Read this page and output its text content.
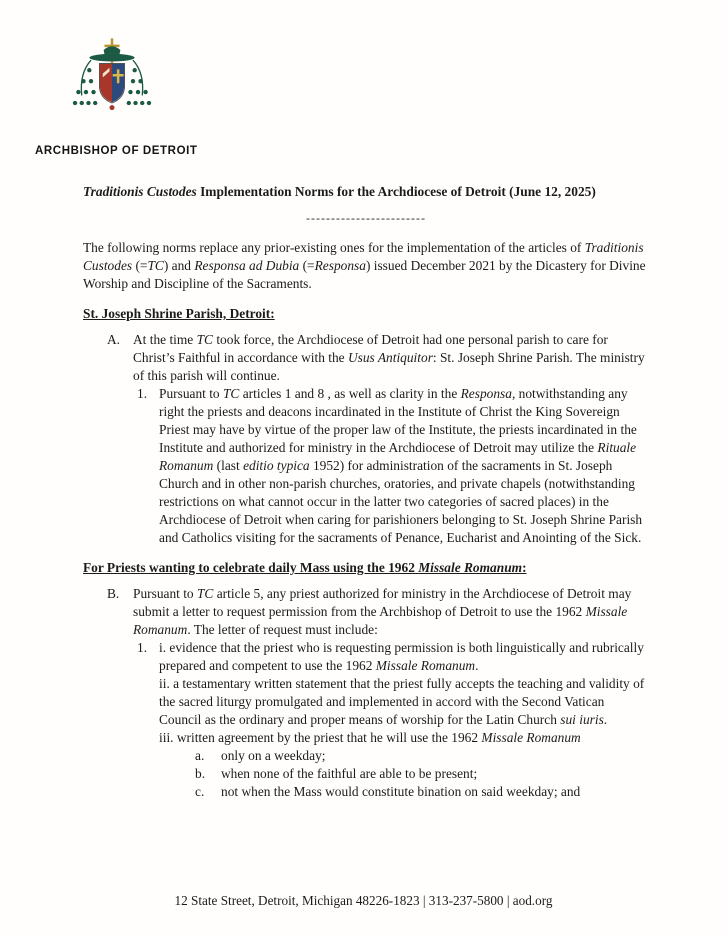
ARCHBISHOP OF DETROIT
Traditionis Custodes Implementation Norms for the Archdiocese of Detroit (June 12, 2025)
------------------------

The following norms replace any prior-existing ones for the implementation of the articles of Traditionis Custodes (=TC) and Responsa ad Dubia (=Responsa) issued December 2021 by the Dicastery for Divine Worship and Discipline of the Sacraments.

St. Joseph Shrine Parish, Detroit:
A. At the time TC took force, the Archdiocese of Detroit had one personal parish to care for Christ’s Faithful in accordance with the Usus Antiquitor: St. Joseph Shrine Parish. The ministry of this parish will continue.
1. Pursuant to TC articles 1 and 8 , as well as clarity in the Responsa, notwithstanding any right the priests and deacons incardinated in the Institute of Christ the King Sovereign Priest may have by virtue of the proper law of the Institute, the priests incardinated in the Institute and authorized for ministry in the Archdiocese of Detroit may utilize the Rituale Romanum (last editio typica 1952) for administration of the sacraments in St. Joseph Church and in other non-parish churches, oratories, and private chapels (notwithstanding restrictions on what cannot occur in the latter two categories of sacred places) in the Archdiocese of Detroit when caring for parishioners belonging to St. Joseph Shrine Parish and Catholics visiting for the sacraments of Penance, Eucharist and Anointing of the Sick.
For Priests wanting to celebrate daily Mass using the 1962 Missale Romanum:
B.	Pursuant to TC article 5, any priest authorized for ministry in the Archdiocese of Detroit may submit a letter to request permission from the Archbishop of Detroit to use the 1962 Missale Romanum. The letter of request must include:
1. i. evidence that the priest who is requesting permission is both linguistically and rubrically prepared and competent to use the 1962 Missale Romanum.

ii. a testamentary written statement that the priest fully accepts the teaching and validity of the sacred liturgy promulgated and implemented in accord with the Second Vatican Council as the ordinary and proper means of worship for the Latin Church sui iuris.

iii. written agreement by the priest that he will use the 1962 Missale Romanum

a.	only on a weekday;
b.	when none of the faithful are able to be present;
c.	not when the Mass would constitute bination on said weekday; and
12 State Street, Detroit, Michigan 48226-1823 | 313-237-5800 | aod.org
